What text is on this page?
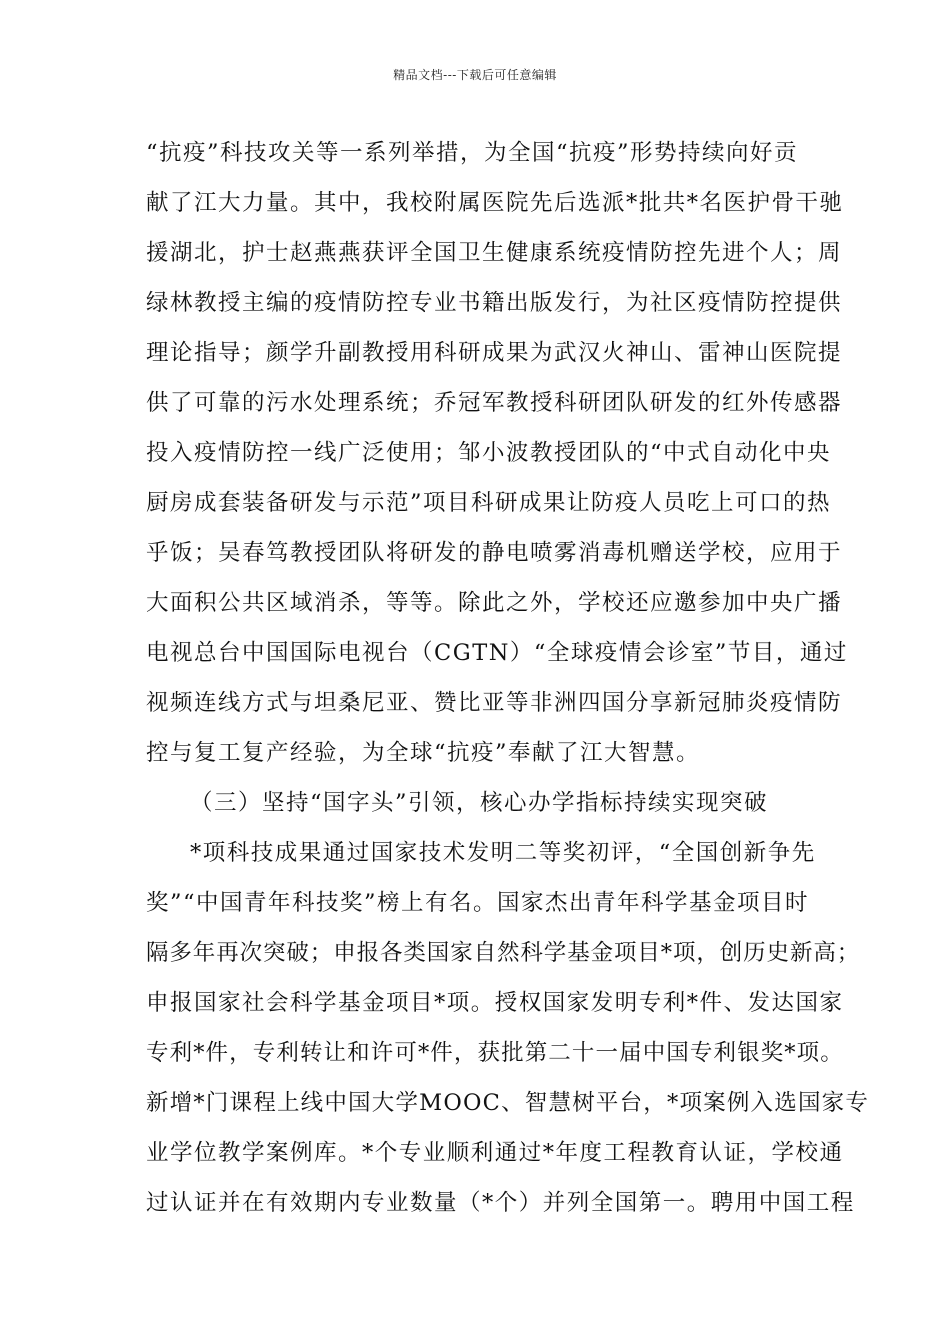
精品文档---下载后可任意编辑
“抗疫”科技攻关等一系列举措，为全国“抗疫”形势持续向好贡
献了江大力量。其中，我校附属医院先后选派*批共*名医护骨干驰
援湖北，护士赵燕燕获评全国卫生健康系统疫情防控先进个人；周
绿林教授主编的疫情防控专业书籍出版发行，为社区疫情防控提供
理论指导；颜学升副教授用科研成果为武汉火神山、雷神山医院提
供了可靠的污水处理系统；乔冠军教授科研团队研发的红外传感器
投入疫情防控一线广泛使用；邹小波教授团队的“中式自动化中央
厨房成套装备研发与示范”项目科研成果让防疫人员吃上可口的热
乎饭；吴春笃教授团队将研发的静电喷雾消毒机赠送学校，应用于
大面积公共区域消杀，等等。除此之外，学校还应邀参加中央广播
电视总台中国国际电视台（CGTN）“全球疫情会诊室”节目，通过
视频连线方式与坦桑尼亚、赞比亚等非洲四国分享新冠肺炎疫情防
控与复工复产经验，为全球“抗疫”奉献了江大智慧。
（三）坚持“国字头”引领，核心办学指标持续实现突破
*项科技成果通过国家技术发明二等奖初评，“全国创新争先
奖”“中国青年科技奖”榜上有名。国家杰出青年科学基金项目时
隔多年再次突破；申报各类国家自然科学基金项目*项，创历史新高；
申报国家社会科学基金项目*项。授权国家发明专利*件、发达国家
专利*件，专利转让和许可*件，获批第二十一届中国专利银奖*项。
新增*门课程上线中国大学MOOC、智慧树平台，*项案例入选国家专
业学位教学案例库。*个专业顺利通过*年度工程教育认证，学校通
过认证并在有效期内专业数量（*个）并列全国第一。聘用中国工程
